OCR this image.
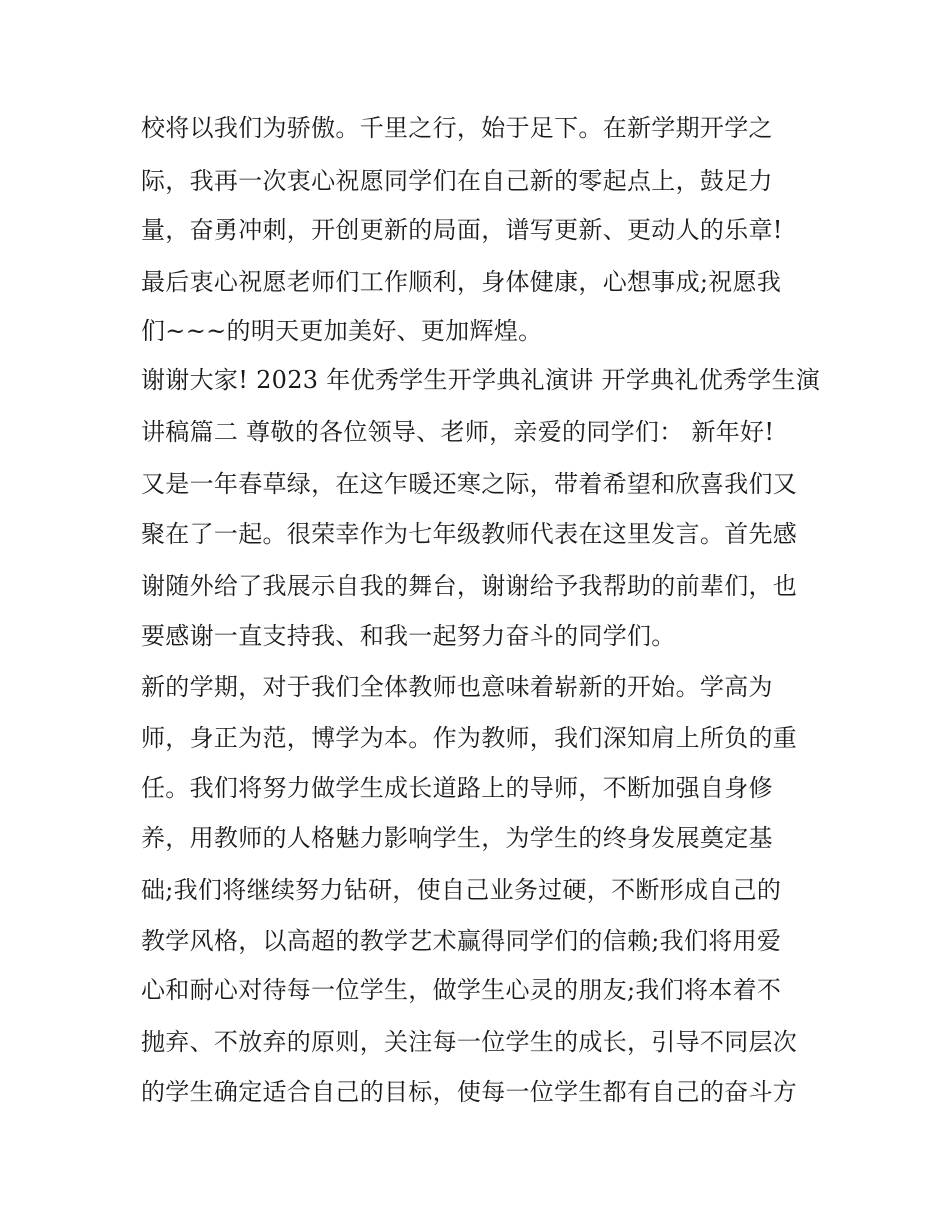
校将以我们为骄傲。千里之行，始于足下。在新学期开学之
际，我再一次衷心祝愿同学们在自己新的零起点上，鼓足力
量，奋勇冲刺，开创更新的局面，谱写更新、更动人的乐章!
最后衷心祝愿老师们工作顺利，身体健康，心想事成;祝愿我
们~~~的明天更加美好、更加辉煌。
谢谢大家! 2023 年优秀学生开学典礼演讲 开学典礼优秀学生演
讲稿篇二 尊敬的各位领导、老师，亲爱的同学们： 新年好!
又是一年春草绿，在这乍暖还寒之际，带着希望和欣喜我们又
聚在了一起。很荣幸作为七年级教师代表在这里发言。首先感
谢随外给了我展示自我的舞台，谢谢给予我帮助的前辈们，也
要感谢一直支持我、和我一起努力奋斗的同学们。
新的学期，对于我们全体教师也意味着崭新的开始。学高为
师，身正为范，博学为本。作为教师，我们深知肩上所负的重
任。我们将努力做学生成长道路上的导师，不断加强自身修
养，用教师的人格魅力影响学生，为学生的终身发展奠定基
础;我们将继续努力钻研，使自己业务过硬，不断形成自己的
教学风格，以高超的教学艺术赢得同学们的信赖;我们将用爱
心和耐心对待每一位学生，做学生心灵的朋友;我们将本着不
抛弃、不放弃的原则，关注每一位学生的成长，引导不同层次
的学生确定适合自己的目标，使每一位学生都有自己的奋斗方
